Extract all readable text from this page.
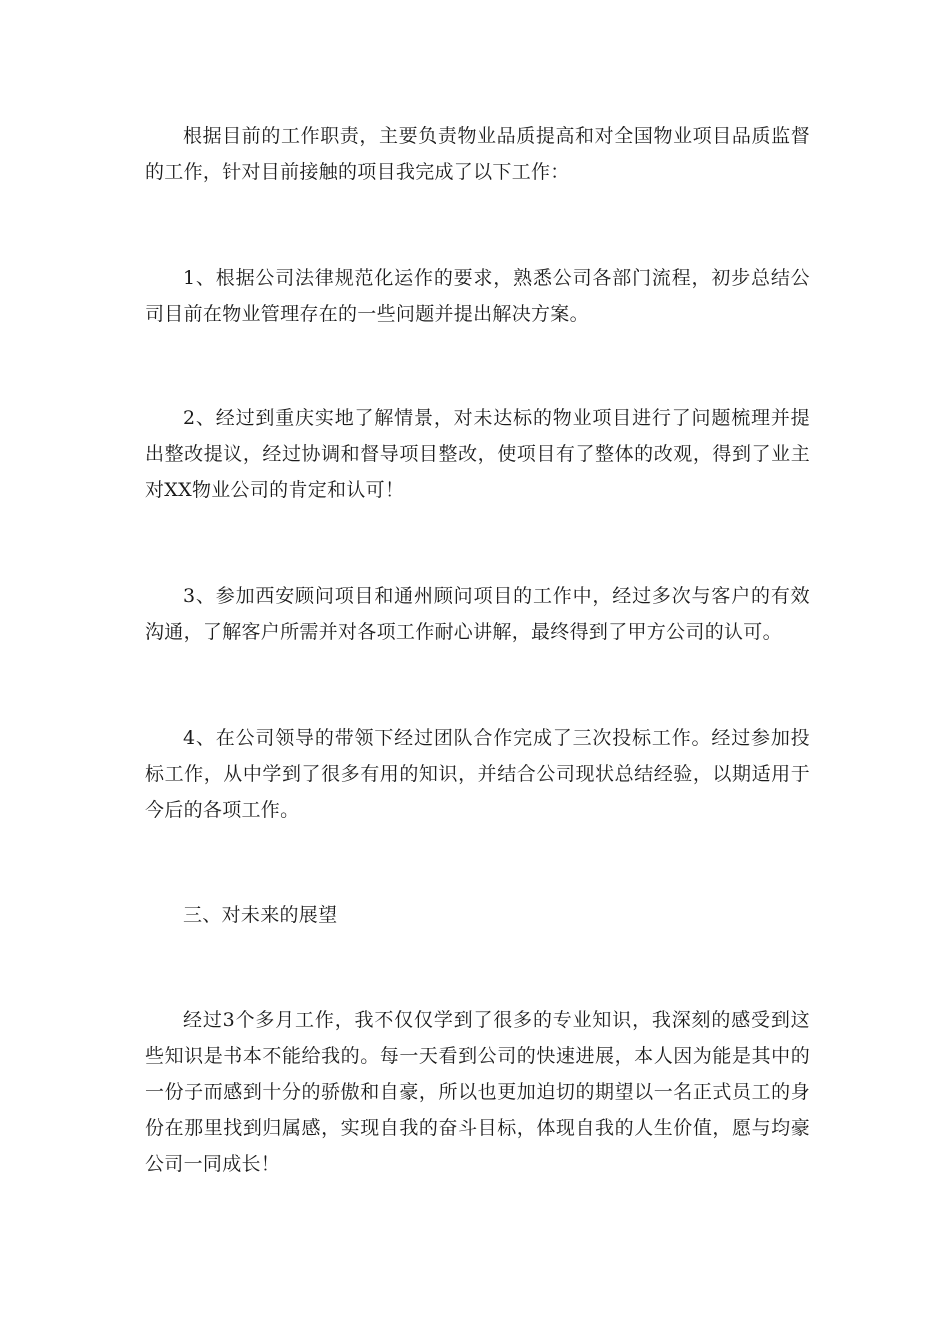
根据目前的工作职责，主要负责物业品质提高和对全国物业项目品质监督的工作，针对目前接触的项目我完成了以下工作：

1、根据公司法律规范化运作的要求，熟悉公司各部门流程，初步总结公司目前在物业管理存在的一些问题并提出解决方案。

2、经过到重庆实地了解情景，对未达标的物业项目进行了问题梳理并提出整改提议，经过协调和督导项目整改，使项目有了整体的改观，得到了业主对XX物业公司的肯定和认可！

3、参加西安顾问项目和通州顾问项目的工作中，经过多次与客户的有效沟通，了解客户所需并对各项工作耐心讲解，最终得到了甲方公司的认可。

4、在公司领导的带领下经过团队合作完成了三次投标工作。经过参加投标工作，从中学到了很多有用的知识，并结合公司现状总结经验，以期适用于今后的各项工作。

三、对未来的展望

经过3个多月工作，我不仅仅学到了很多的专业知识，我深刻的感受到这些知识是书本不能给我的。每一天看到公司的快速进展，本人因为能是其中的一份子而感到十分的骄傲和自豪，所以也更加迫切的期望以一名正式员工的身份在那里找到归属感，实现自我的奋斗目标，体现自我的人生价值，愿与均豪公司一同成长！
